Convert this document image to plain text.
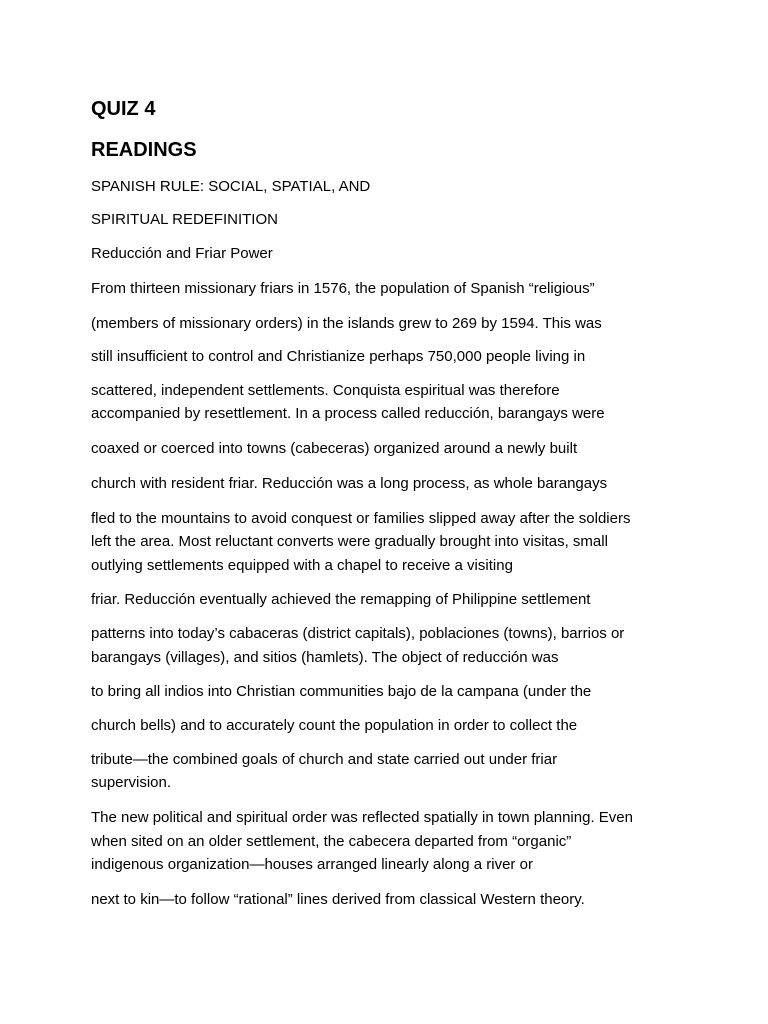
QUIZ 4
READINGS
SPANISH RULE: SOCIAL, SPATIAL, AND
SPIRITUAL REDEFINITION
Reducción and Friar Power
From thirteen missionary friars in 1576, the population of Spanish “religious”
(members of missionary orders) in the islands grew to 269 by 1594. This was
still insufficient to control and Christianize perhaps 750,000 people living in
scattered, independent settlements. Conquista espiritual was therefore
accompanied by resettlement. In a process called reducción, barangays were
coaxed or coerced into towns (cabeceras) organized around a newly built
church with resident friar. Reducción was a long process, as whole barangays
fled to the mountains to avoid conquest or families slipped away after the soldiers
left the area. Most reluctant converts were gradually brought into visitas, small
outlying settlements equipped with a chapel to receive a visiting
friar. Reducción eventually achieved the remapping of Philippine settlement
patterns into today’s cabaceras (district capitals), poblaciones (towns), barrios or
barangays (villages), and sitios (hamlets). The object of reducción was
to bring all indios into Christian communities bajo de la campana (under the
church bells) and to accurately count the population in order to collect the
tribute—the combined goals of church and state carried out under friar
supervision.
The new political and spiritual order was reflected spatially in town planning. Even
when sited on an older settlement, the cabecera departed from “organic”
indigenous organization—houses arranged linearly along a river or
next to kin—to follow “rational” lines derived from classical Western theory.
